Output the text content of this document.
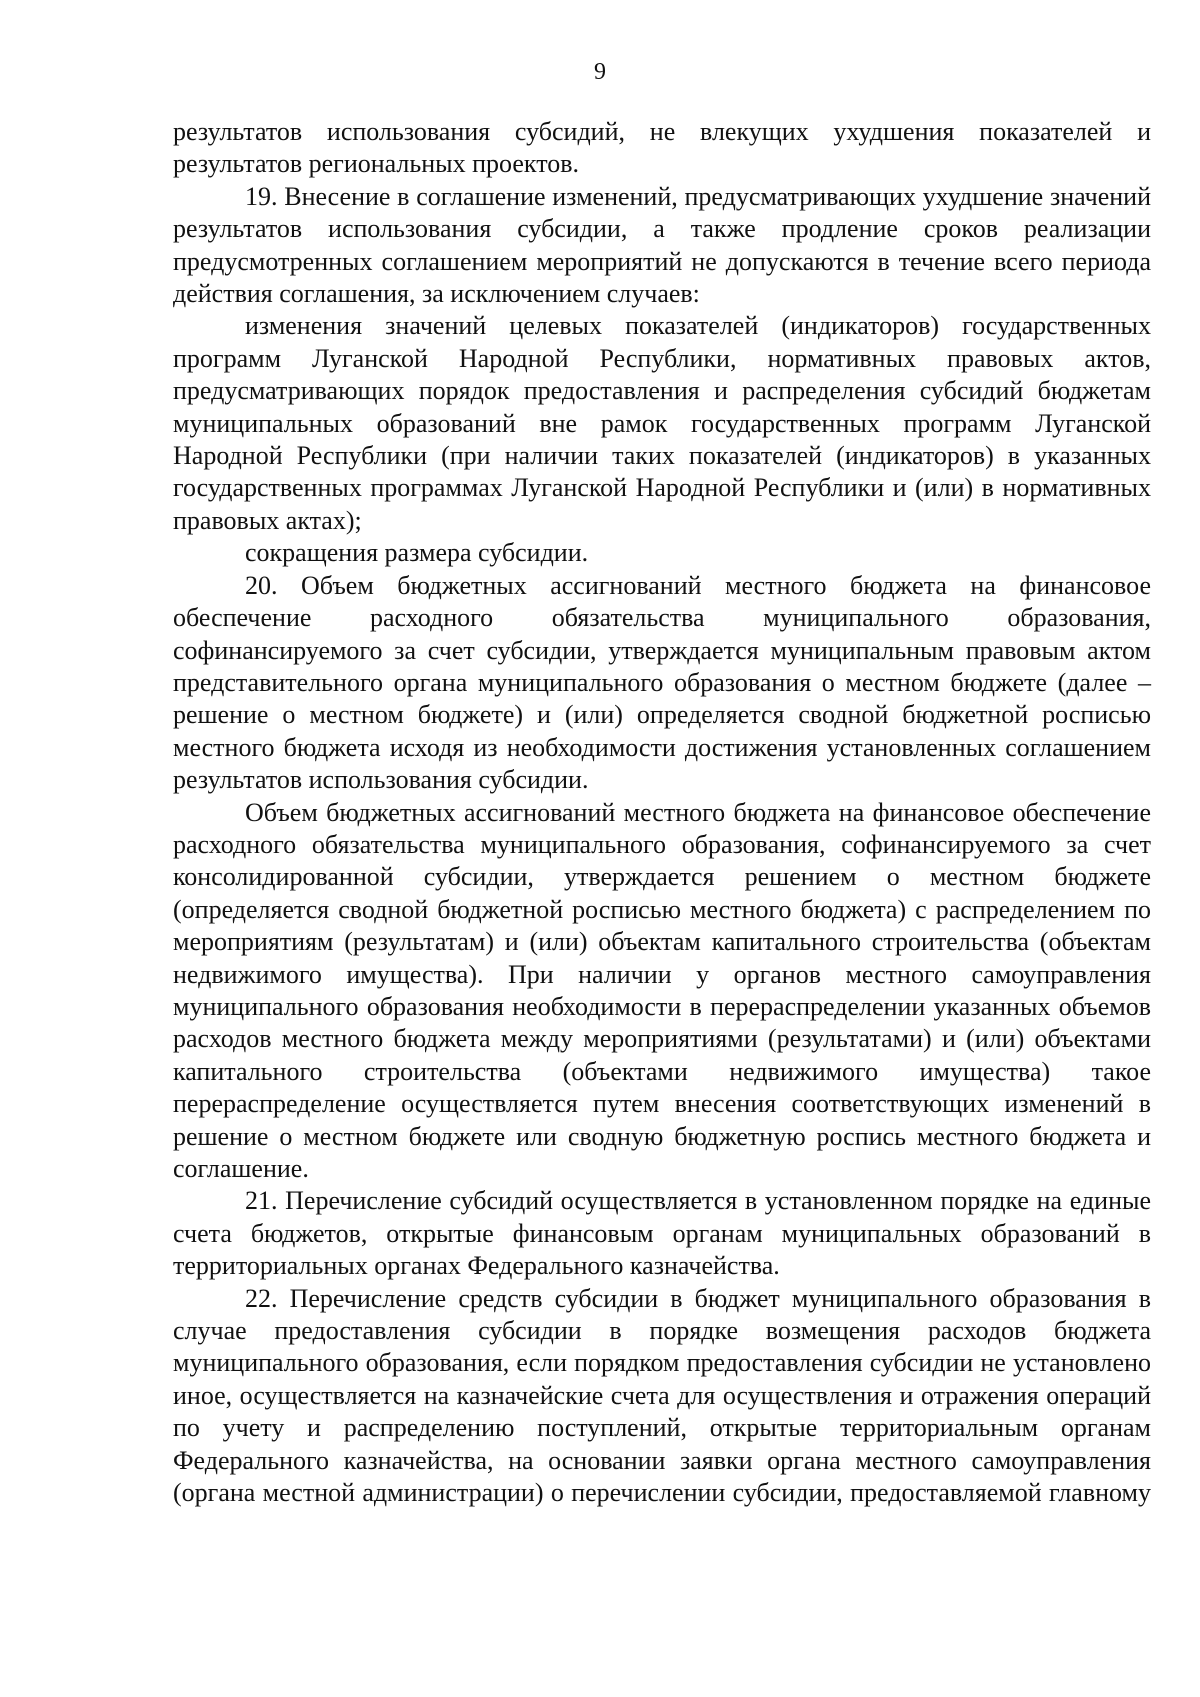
9

результатов использования субсидий, не влекущих ухудшения показателей и результатов региональных проектов.

19. Внесение в соглашение изменений, предусматривающих ухудшение значений результатов использования субсидии, а также продление сроков реализации предусмотренных соглашением мероприятий не допускаются в течение всего периода действия соглашения, за исключением случаев:

изменения значений целевых показателей (индикаторов) государственных программ Луганской Народной Республики, нормативных правовых актов, предусматривающих порядок предоставления и распределения субсидий бюджетам муниципальных образований вне рамок государственных программ Луганской Народной Республики (при наличии таких показателей (индикаторов) в указанных государственных программах Луганской Народной Республики и (или) в нормативных правовых актах);

сокращения размера субсидии.

20. Объем бюджетных ассигнований местного бюджета на финансовое обеспечение расходного обязательства муниципального образования, софинансируемого за счет субсидии, утверждается муниципальным правовым актом представительного органа муниципального образования о местном бюджете (далее – решение о местном бюджете) и (или) определяется сводной бюджетной росписью местного бюджета исходя из необходимости достижения установленных соглашением результатов использования субсидии.

Объем бюджетных ассигнований местного бюджета на финансовое обеспечение расходного обязательства муниципального образования, софинансируемого за счет консолидированной субсидии, утверждается решением о местном бюджете (определяется сводной бюджетной росписью местного бюджета) с распределением по мероприятиям (результатам) и (или) объектам капитального строительства (объектам недвижимого имущества). При наличии у органов местного самоуправления муниципального образования необходимости в перераспределении указанных объемов расходов местного бюджета между мероприятиями (результатами) и (или) объектами капитального строительства (объектами недвижимого имущества) такое перераспределение осуществляется путем внесения соответствующих изменений в решение о местном бюджете или сводную бюджетную роспись местного бюджета и соглашение.

21. Перечисление субсидий осуществляется в установленном порядке на единые счета бюджетов, открытые финансовым органам муниципальных образований в территориальных органах Федерального казначейства.

22. Перечисление средств субсидии в бюджет муниципального образования в случае предоставления субсидии в порядке возмещения расходов бюджета муниципального образования, если порядком предоставления субсидии не установлено иное, осуществляется на казначейские счета для осуществления и отражения операций по учету и распределению поступлений, открытые территориальным органам Федерального казначейства, на основании заявки органа местного самоуправления (органа местной администрации) о перечислении субсидии, предоставляемой главному
